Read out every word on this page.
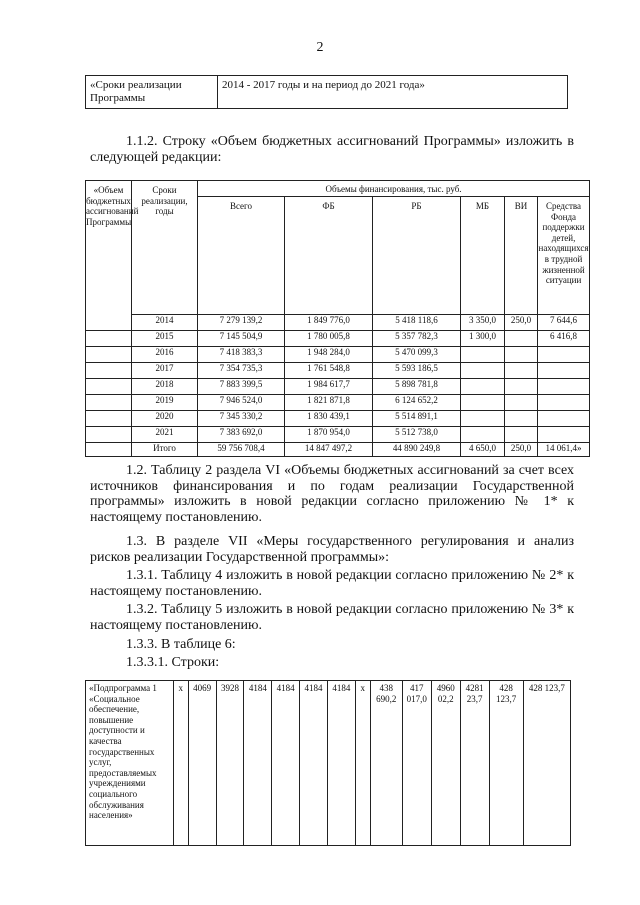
2
«Сроки реализации Программы	2014 - 2017 годы и на период до 2021 года»
1.1.2. Строку «Объем бюджетных ассигнований Программы» изложить в следующей редакции:
«Объем бюджетных ассигнований Программы	Сроки реализации, годы	Объемы финансирования, тыс. руб.					
		Всего	ФБ	РБ	МБ	ВИ	Средства Фонда поддержки детей, находящихся в трудной жизненной ситуации
	2014	7 279 139,2	1 849 776,0	5 418 118,6	3 350,0	250,0	7 644,6
	2015	7 145 504,9	1 780 005,8	5 357 782,3	1 300,0		6 416,8
	2016	7 418 383,3	1 948 284,0	5 470 099,3			
	2017	7 354 735,3	1 761 548,8	5 593 186,5			
	2018	7 883 399,5	1 984 617,7	5 898 781,8			
	2019	7 946 524,0	1 821 871,8	6 124 652,2			
	2020	7 345 330,2	1 830 439,1	5 514 891,1			
	2021	7 383 692,0	1 870 954,0	5 512 738,0			
	Итого	59 756 708,4	14 847 497,2	44 890 249,8	4 650,0	250,0	14 061,4»
1.2. Таблицу 2 раздела VI «Объемы бюджетных ассигнований за счет всех источников финансирования и по годам реализации Государственной программы» изложить в новой редакции согласно приложению № 1* к настоящему постановлению.
1.3. В разделе VII «Меры государственного регулирования и анализ рисков реализации Государственной программы»:
1.3.1. Таблицу 4 изложить в новой редакции согласно приложению № 2* к настоящему постановлению.
1.3.2. Таблицу 5 изложить в новой редакции согласно приложению № 3* к настоящему постановлению.
1.3.3. В таблице 6:
1.3.3.1. Строки:
«Подпрограмма 1 «Социальное обеспечение, повышение доступности и качества государственных услуг, предоставляемых учреждениями социального обслуживания населения»	х	4069	3928	4184	4184	4184	4184	х	438 690,2	417 017,0	4960 02,2	4281 23,7	428 123,7	428 123,7
